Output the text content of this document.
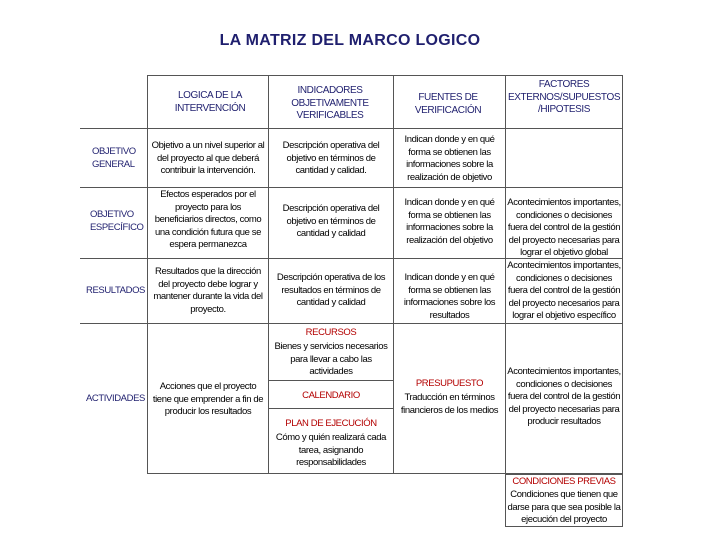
LA MATRIZ DEL MARCO LOGICO
LOGICA DE LA INTERVENCIÓN
INDICADORES OBJETIVAMENTE VERIFICABLES
FUENTES DE VERIFICACIÓN
FACTORES EXTERNOS/SUPUESTOS /HIPOTESIS
OBJETIVO GENERAL
OBJETIVO ESPECÍFICO
RESULTADOS
ACTIVIDADES
Objetivo a un nivel superior al del proyecto al que deberá contribuir la intervención.
Descripción operativa del objetivo en términos de cantidad y calidad.
Indican donde y en qué forma se obtienen las informaciones sobre la realización de objetivo
Efectos esperados por el proyecto para los beneficiarios directos, como una condición futura que se espera permanezca
Descripción operativa del objetivo en términos de cantidad y calidad
Indican donde y en qué forma se obtienen las informaciones sobre la realización del objetivo
Acontecimientos importantes, condiciones o decisiones fuera del control de la gestión del proyecto necesarias para lograr el objetivo global
Resultados que la dirección del proyecto debe lograr y mantener durante la vida del proyecto.
Descripción operativa de los resultados en términos de cantidad y calidad
Indican donde y en qué forma se obtienen las informaciones sobre los resultados
Acontecimientos importantes, condiciones o decisiones fuera del control de la gestión del proyecto necesarios para lograr el objetivo específico
Acciones que el proyecto tiene que emprender a fin de producir los resultados
RECURSOS
Bienes y servicios necesarios para llevar a cabo las actividades
CALENDARIO
PLAN DE EJECUCIÓN
Cómo y quién realizará cada tarea, asignando responsabilidades
PRESUPUESTO
Traducción en términos financieros de los medios
Acontecimientos importantes, condiciones o decisiones fuera del control de la gestión del proyecto necesarias para producir resultados
CONDICIONES PREVIAS
Condiciones que tienen que darse para que sea posible la ejecución del proyecto
